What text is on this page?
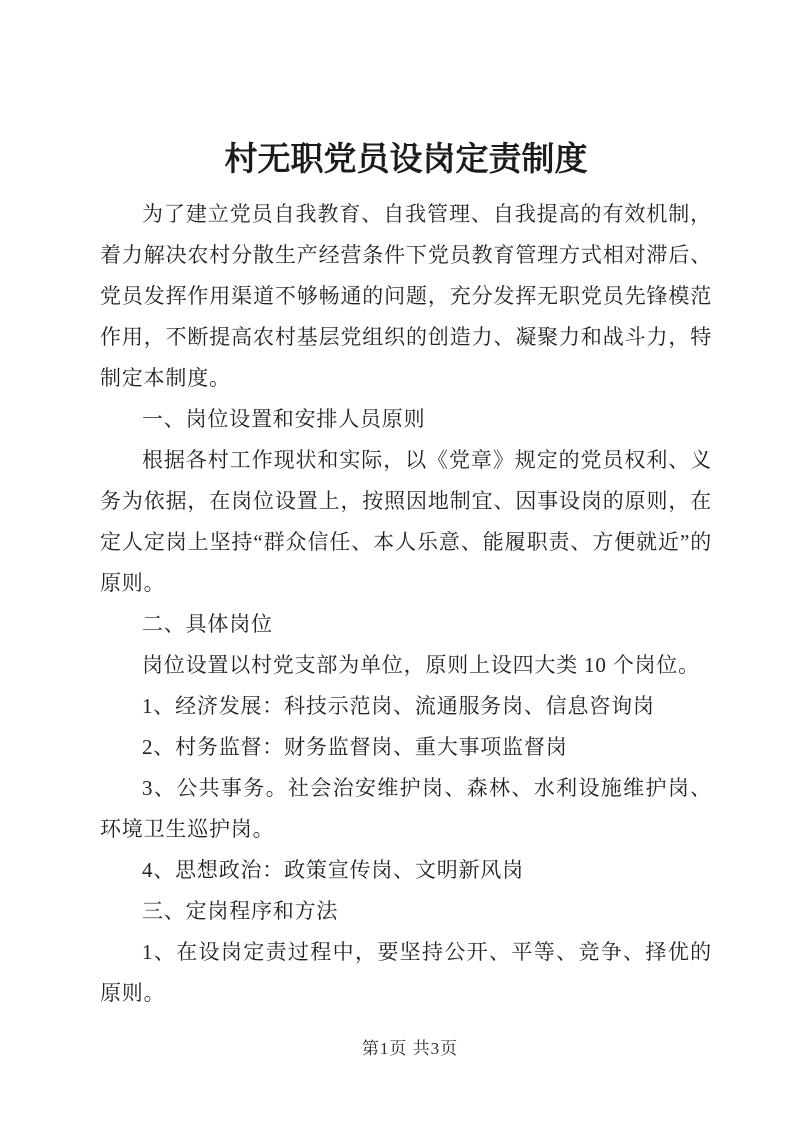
村无职党员设岗定责制度

为了建立党员自我教育、自我管理、自我提高的有效机制，着力解决农村分散生产经营条件下党员教育管理方式相对滞后、党员发挥作用渠道不够畅通的问题，充分发挥无职党员先锋模范作用，不断提高农村基层党组织的创造力、凝聚力和战斗力，特制定本制度。

一、岗位设置和安排人员原则

根据各村工作现状和实际，以《党章》规定的党员权利、义务为依据，在岗位设置上，按照因地制宜、因事设岗的原则，在定人定岗上坚持“群众信任、本人乐意、能履职责、方便就近”的原则。

二、具体岗位

岗位设置以村党支部为单位，原则上设四大类 10 个岗位。

1、经济发展：科技示范岗、流通服务岗、信息咨询岗

2、村务监督：财务监督岗、重大事项监督岗

3、公共事务。社会治安维护岗、森林、水利设施维护岗、环境卫生巡护岗。

4、思想政治：政策宣传岗、文明新风岗

三、定岗程序和方法

1、在设岗定责过程中，要坚持公开、平等、竞争、择优的原则。

第1页 共3页
